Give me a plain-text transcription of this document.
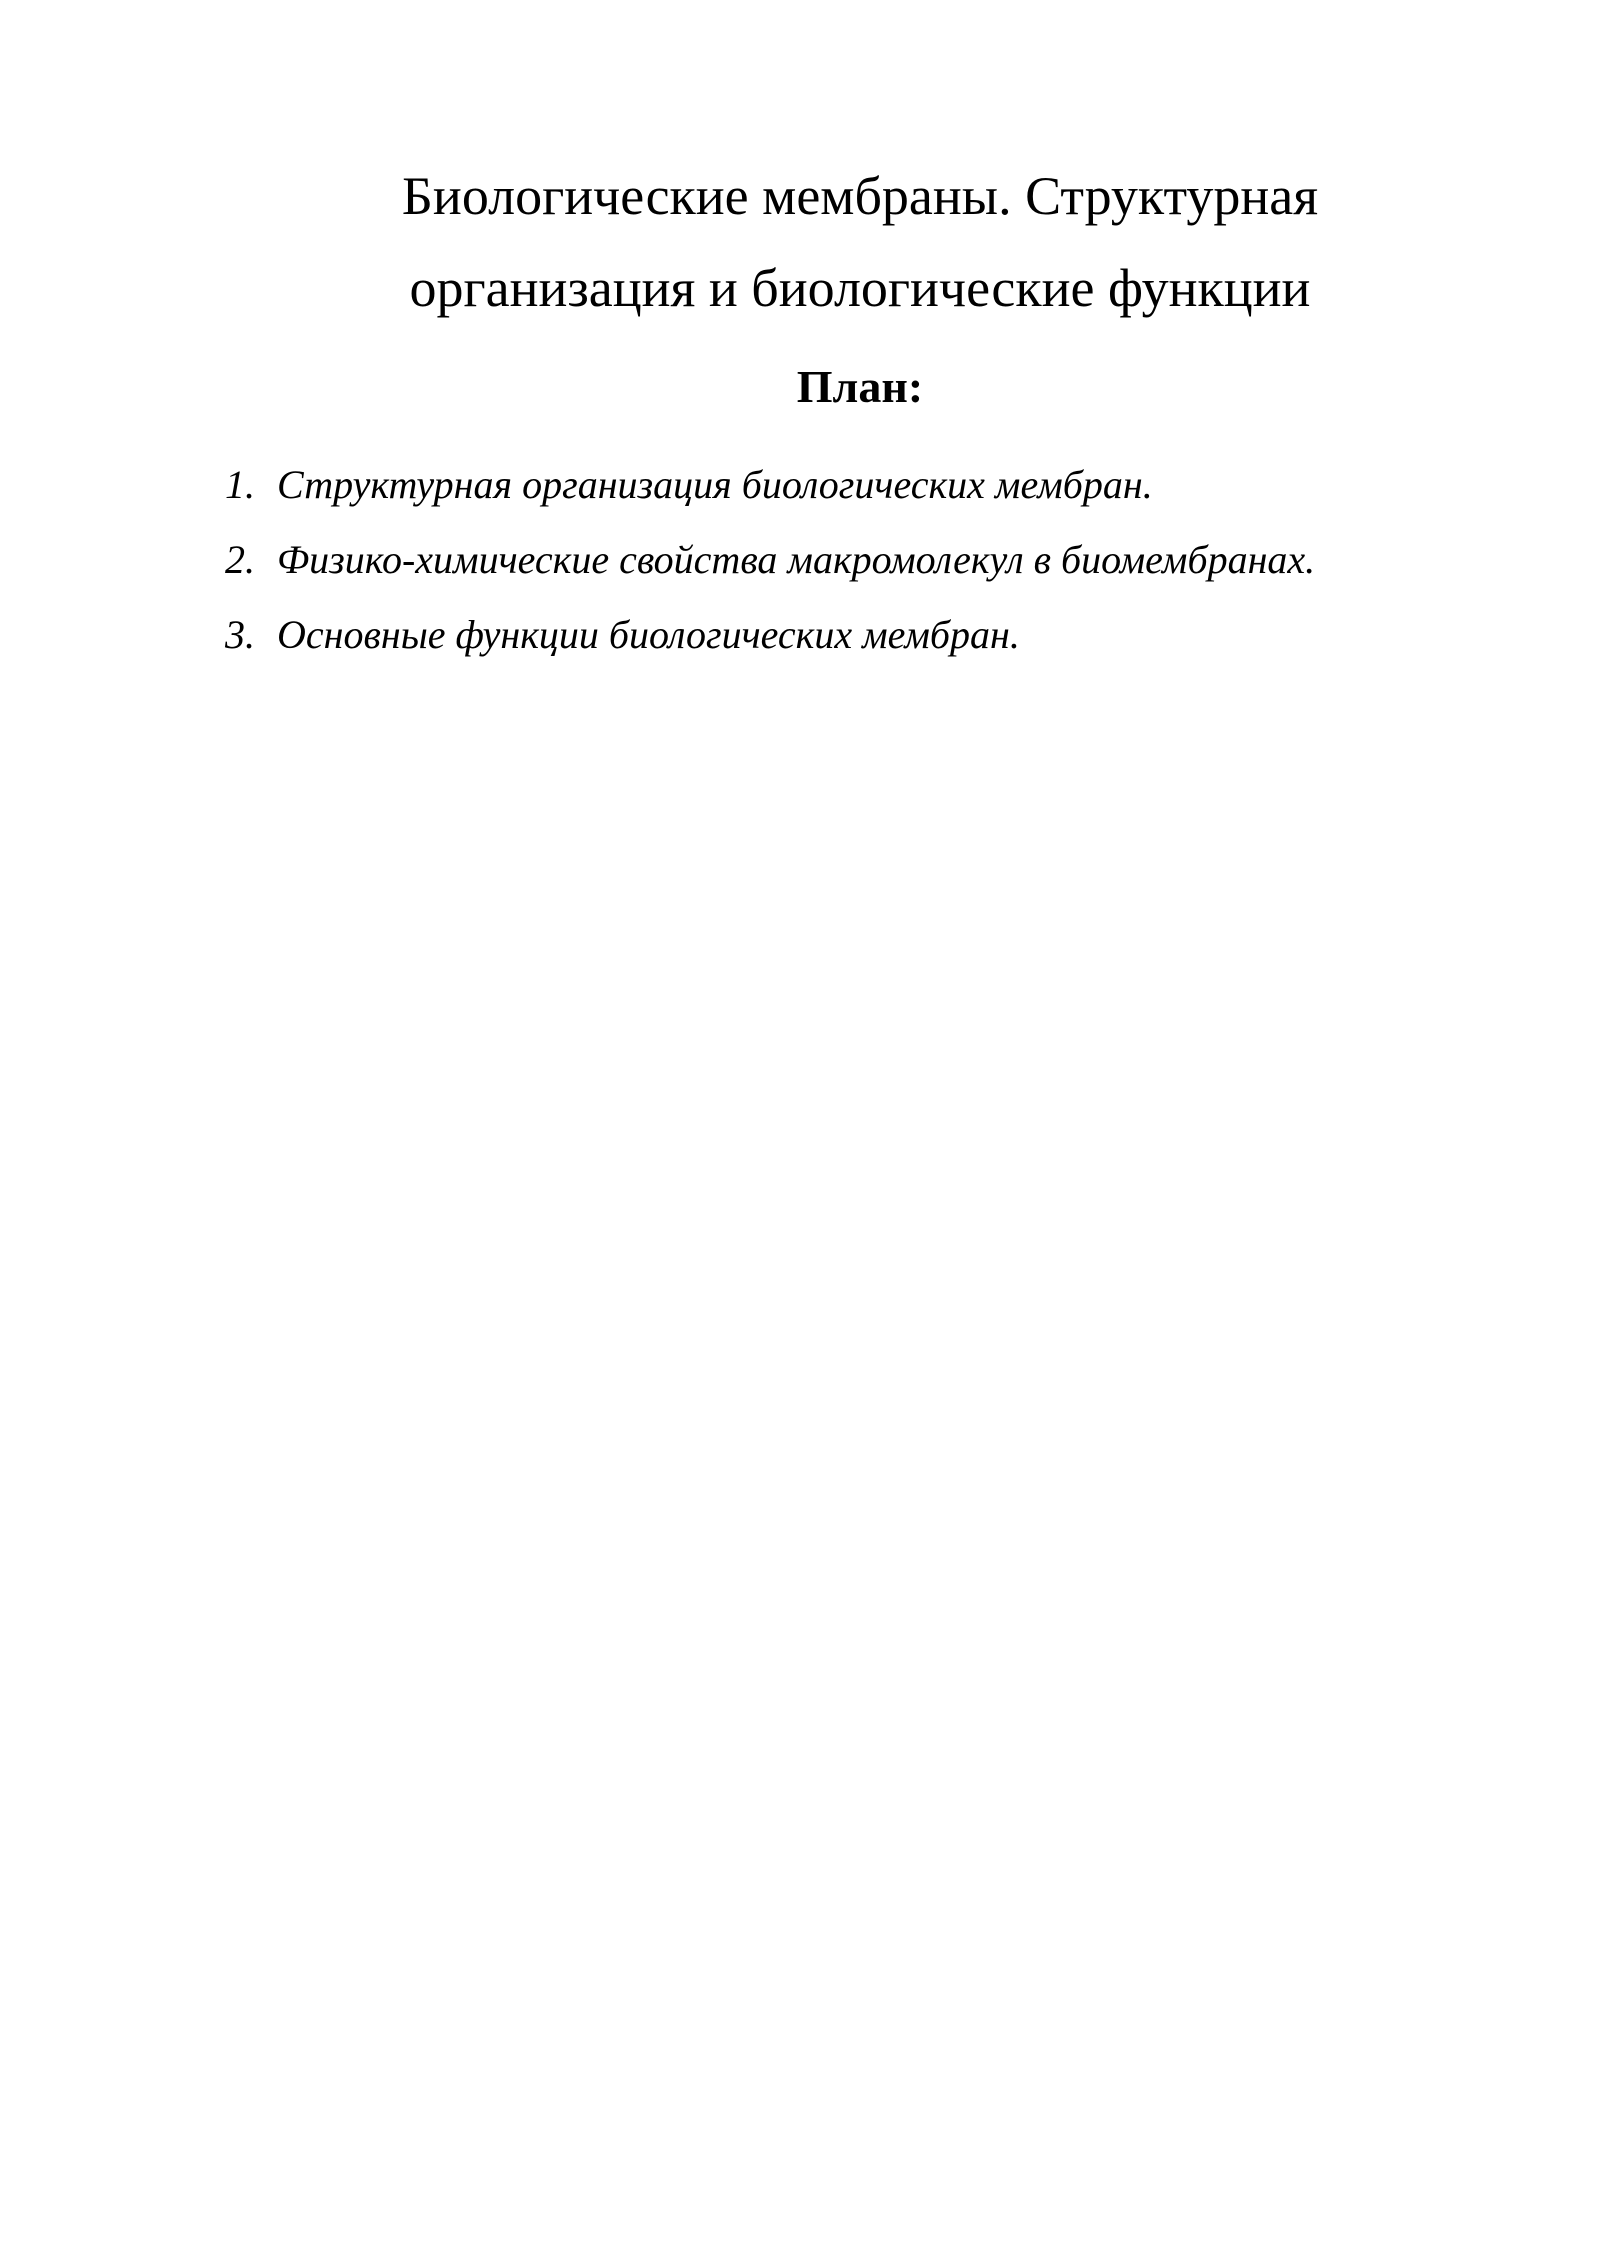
Биологические мембраны. Структурная
организация и биологические функции
План:
1. Структурная организация биологических мембран.
2. Физико-химические свойства макромолекул в биомембранах.
3. Основные функции биологических мембран.
